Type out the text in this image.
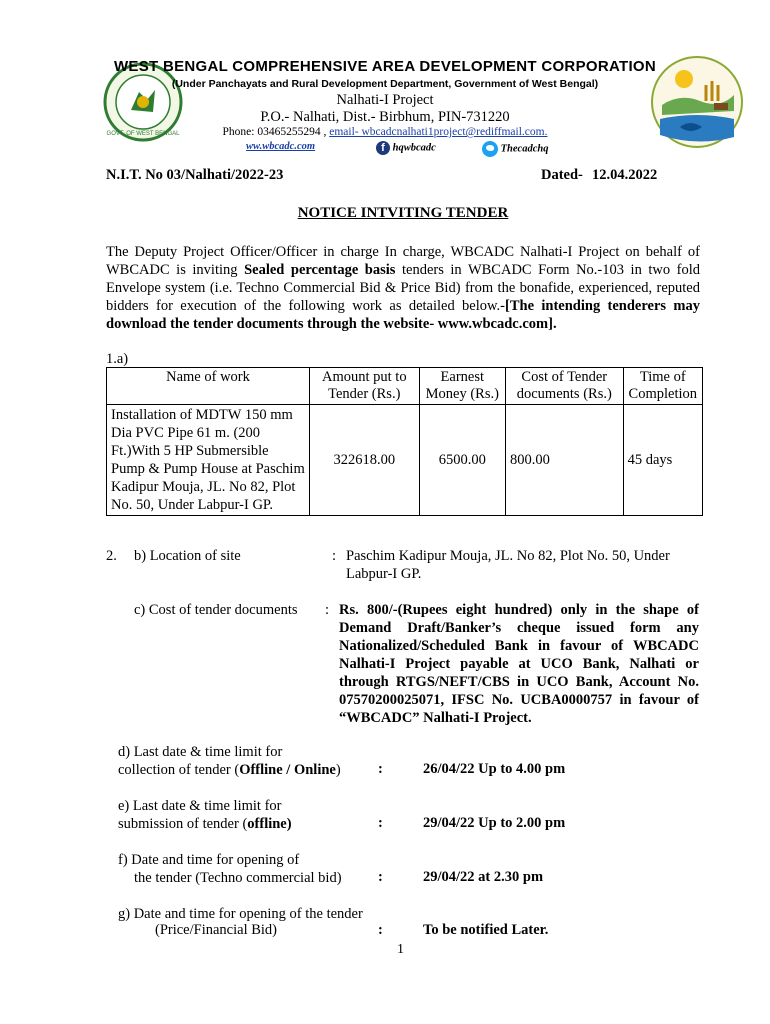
GOVT. OF WEST BENGAL
WEST BENGAL COMPREHENSIVE AREA DEVELOPMENT CORPORATION
(Under Panchayats and Rural Development Department, Government of West Bengal)
Nalhati-I Project
P.O.- Nalhati, Dist.- Birbhum, PIN-731220
Phone: 03465255294 , email- wbcadcnalhati1project@rediffmail.com.
ww.wbcadc.com	f hqwbcadc	Thecadchq
N.I.T. No 03/Nalhati/2022-23	Dated- 12.04.2022
NOTICE INTVITING TENDER
The Deputy Project Officer/Officer in charge In charge, WBCADC Nalhati-I Project on behalf of WBCADC is inviting Sealed percentage basis tenders in WBCADC Form No.-103 in two fold Envelope system (i.e. Techno Commercial Bid & Price Bid) from the bonafide, experienced, reputed bidders for execution of the following work as detailed below.-[The intending tenderers may download the tender documents through the website- www.wbcadc.com].
1.a)
Name of work	Amount put to Tender (Rs.)	Earnest Money (Rs.)	Cost of Tender documents (Rs.)	Time of Completion
Installation of MDTW 150 mm Dia PVC Pipe 61 m. (200 Ft.)With 5 HP Submersible Pump & Pump House at Paschim Kadipur Mouja, JL. No 82, Plot No. 50, Under Labpur-I GP.	322618.00	6500.00	800.00	45 days
2. b) Location of site	: Paschim Kadipur Mouja, JL. No 82, Plot No. 50, Under Labpur-I GP.
c) Cost of tender documents : Rs. 800/-(Rupees eight hundred) only in the shape of Demand Draft/Banker’s cheque issued form any Nationalized/Scheduled Bank in favour of WBCADC Nalhati-I Project payable at UCO Bank, Nalhati or through RTGS/NEFT/CBS in UCO Bank, Account No. 07570200025071, IFSC No. UCBA0000757 in favour of “WBCADC” Nalhati-I Project.
d) Last date & time limit for
collection of tender (Offline / Online)	:	26/04/22 Up to 4.00 pm
e) Last date & time limit for
submission of tender (offline)	:	29/04/22 Up to 2.00 pm
f) Date and time for opening of
the tender (Techno commercial bid)	:	29/04/22 at 2.30 pm
g) Date and time for opening of the tender
(Price/Financial Bid)	:	To be notified Later.
1
